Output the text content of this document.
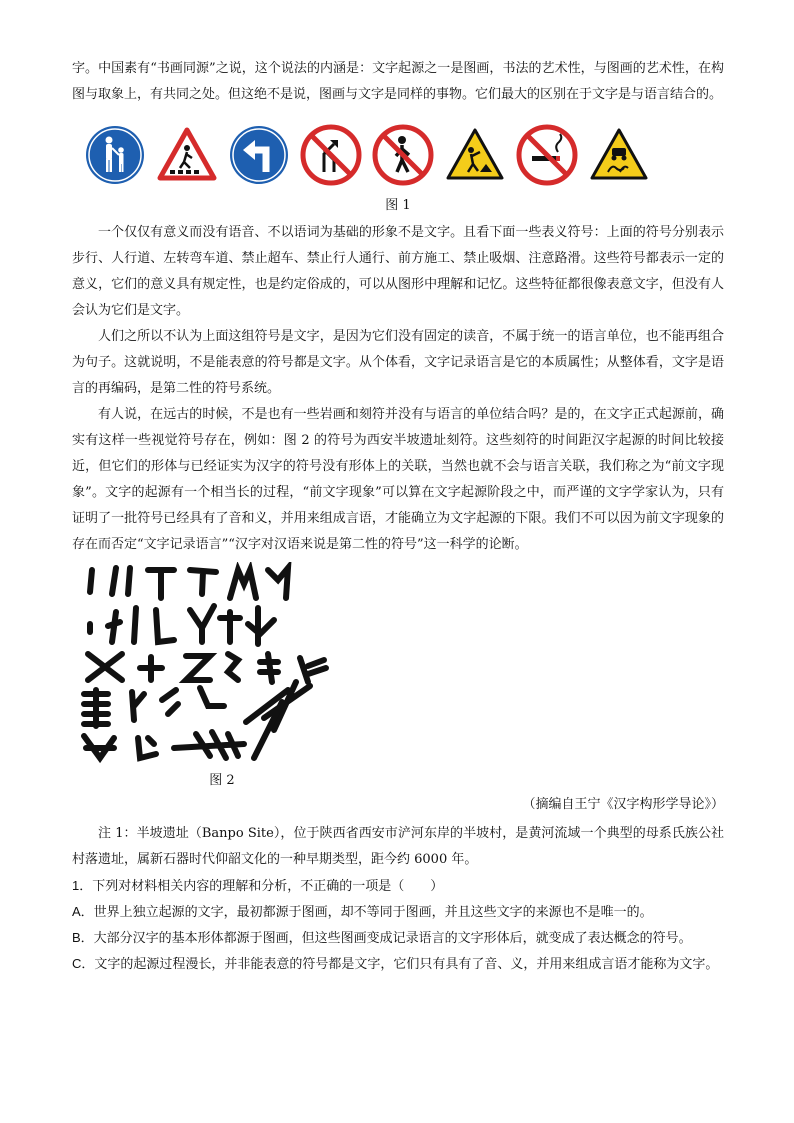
字。中国素有“书画同源”之说，这个说法的内涵是：文字起源之一是图画，书法的艺术性，与图画的艺术性，在构图与取象上，有共同之处。但这绝不是说，图画与文字是同样的事物。它们最大的区别在于文字是与语言结合的。

图 1

一个仅仅有意义而没有语音、不以语词为基础的形象不是文字。且看下面一些表义符号：上面的符号分别表示步行、人行道、左转弯车道、禁止超车、禁止行人通行、前方施工、禁止吸烟、注意路滑。这些符号都表示一定的意义，它们的意义具有规定性，也是约定俗成的，可以从图形中理解和记忆。这些特征都很像表意文字，但没有人会认为它们是文字。

人们之所以不认为上面这组符号是文字，是因为它们没有固定的读音，不属于统一的语言单位，也不能再组合为句子。这就说明，不是能表意的符号都是文字。从个体看，文字记录语言是它的本质属性；从整体看，文字是语言的再编码，是第二性的符号系统。

有人说，在远古的时候，不是也有一些岩画和刻符并没有与语言的单位结合吗？是的，在文字正式起源前，确实有这样一些视觉符号存在，例如：图 2 的符号为西安半坡遗址刻符。这些刻符的时间距汉字起源的时间比较接近，但它们的形体与已经证实为汉字的符号没有形体上的关联，当然也就不会与语言关联，我们称之为“前文字现象”。文字的起源有一个相当长的过程，“前文字现象”可以算在文字起源阶段之中，而严谨的文字学家认为，只有证明了一批符号已经具有了音和义，并用来组成言语，才能确立为文字起源的下限。我们不可以因为前文字现象的存在而否定“文字记录语言”“汉字对汉语来说是第二性的符号”这一科学的论断。

图 2
（摘编自王宁《汉字构形学导论》）

注 1：半坡遗址（Banpo Site），位于陕西省西安市浐河东岸的半坡村，是黄河流域一个典型的母系氏族公社村落遗址，属新石器时代仰韶文化的一种早期类型，距今约 6000 年。

1．下列对材料相关内容的理解和分析，不正确的一项是（　　）

A．世界上独立起源的文字，最初都源于图画，却不等同于图画，并且这些文字的来源也不是唯一的。

B．大部分汉字的基本形体都源于图画，但这些图画变成记录语言的文字形体后，就变成了表达概念的符号。

C．文字的起源过程漫长，并非能表意的符号都是文字，它们只有具有了音、义，并用来组成言语才能称为文字。
